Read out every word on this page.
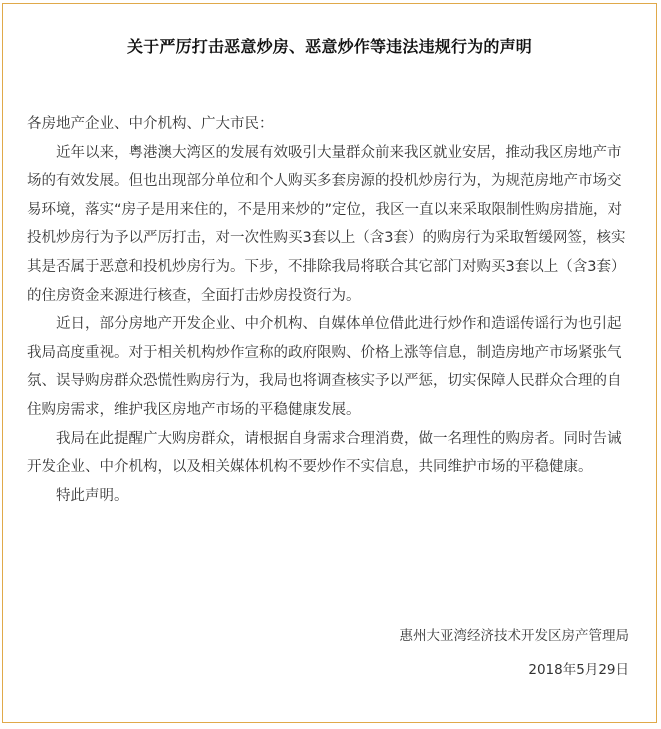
关于严厉打击恶意炒房、恶意炒作等违法违规行为的声明

各房地产企业、中介机构、广大市民：

近年以来，粤港澳大湾区的发展有效吸引大量群众前来我区就业安居，推动我区房地产市场的有效发展。但也出现部分单位和个人购买多套房源的投机炒房行为，为规范房地产市场交易环境，落实“房子是用来住的，不是用来炒的”定位，我区一直以来采取限制性购房措施，对投机炒房行为予以严厉打击，对一次性购买3套以上（含3套）的购房行为采取暂缓网签，核实其是否属于恶意和投机炒房行为。下步，不排除我局将联合其它部门对购买3套以上（含3套）的住房资金来源进行核查，全面打击炒房投资行为。

近日，部分房地产开发企业、中介机构、自媒体单位借此进行炒作和造谣传谣行为也引起我局高度重视。对于相关机构炒作宣称的政府限购、价格上涨等信息，制造房地产市场紧张气氛、误导购房群众恐慌性购房行为，我局也将调查核实予以严惩，切实保障人民群众合理的自住购房需求，维护我区房地产市场的平稳健康发展。

我局在此提醒广大购房群众，请根据自身需求合理消费，做一名理性的购房者。同时告诫开发企业、中介机构，以及相关媒体机构不要炒作不实信息，共同维护市场的平稳健康。

特此声明。

惠州大亚湾经济技术开发区房产管理局
2018年5月29日
